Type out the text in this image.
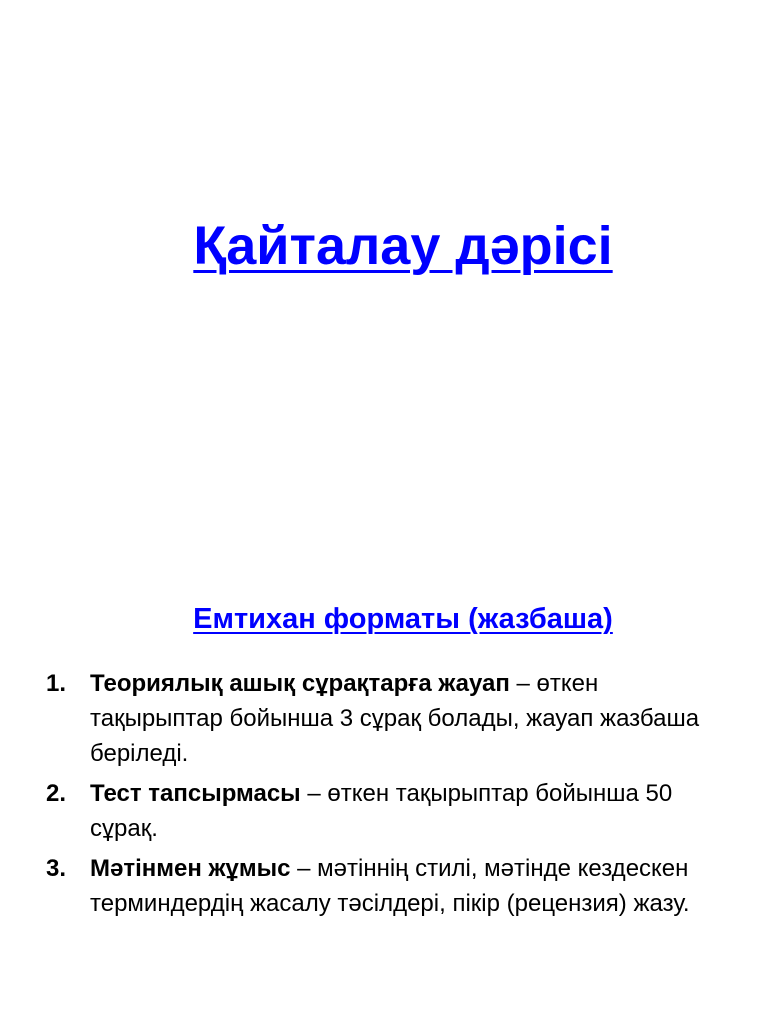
Қайталау дәрісі
Емтихан форматы (жазбаша)
1. Теориялық ашық сұрақтарға жауап – өткен тақырыптар бойынша 3 сұрақ болады, жауап жазбаша беріледі.
2. Тест тапсырмасы – өткен тақырыптар бойынша 50 сұрақ.
3. Мәтінмен жұмыс – мәтіннің стилі, мәтінде кездескен терминдердің жасалу тәсілдері, пікір (рецензия) жазу.
